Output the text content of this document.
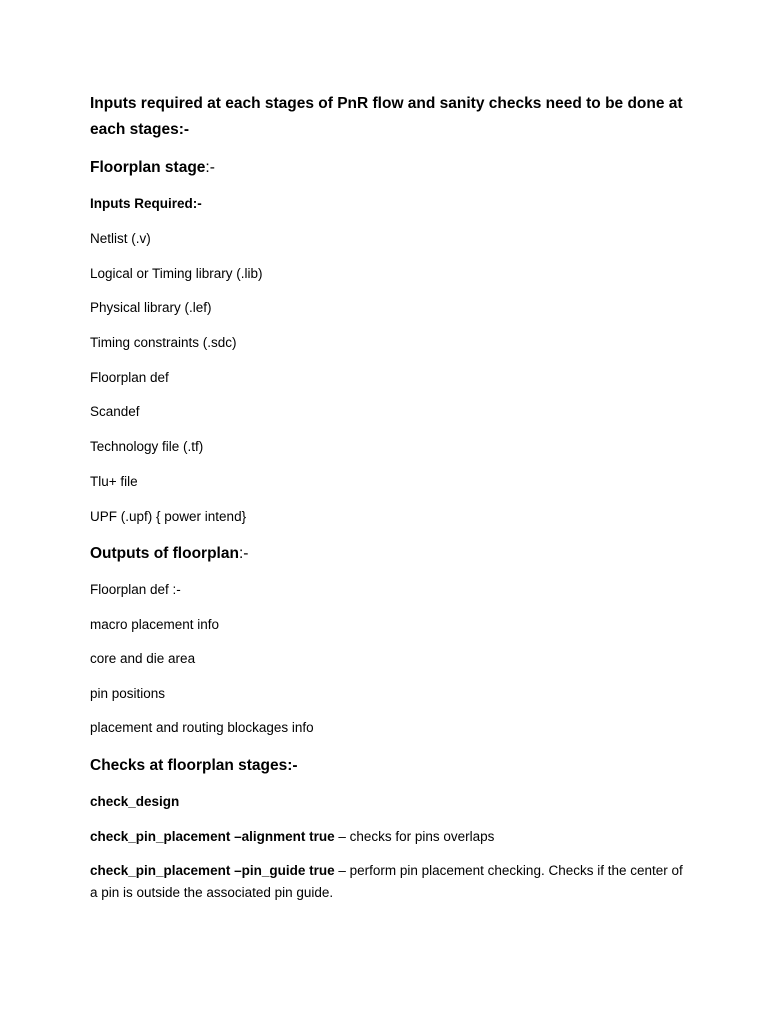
Inputs required at each stages of PnR flow and sanity checks need to be done at each stages:-
Floorplan stage:-
Inputs Required:-
Netlist (.v)
Logical or Timing library (.lib)
Physical library (.lef)
Timing constraints (.sdc)
Floorplan def
Scandef
Technology file (.tf)
Tlu+ file
UPF (.upf) { power intend}
Outputs of floorplan:-
Floorplan def :-
macro placement info
core and die area
pin positions
placement and routing blockages info
Checks at floorplan stages:-
check_design
check_pin_placement –alignment true – checks for pins overlaps
check_pin_placement –pin_guide true – perform pin placement checking. Checks if the center of a pin is outside the associated pin guide.
